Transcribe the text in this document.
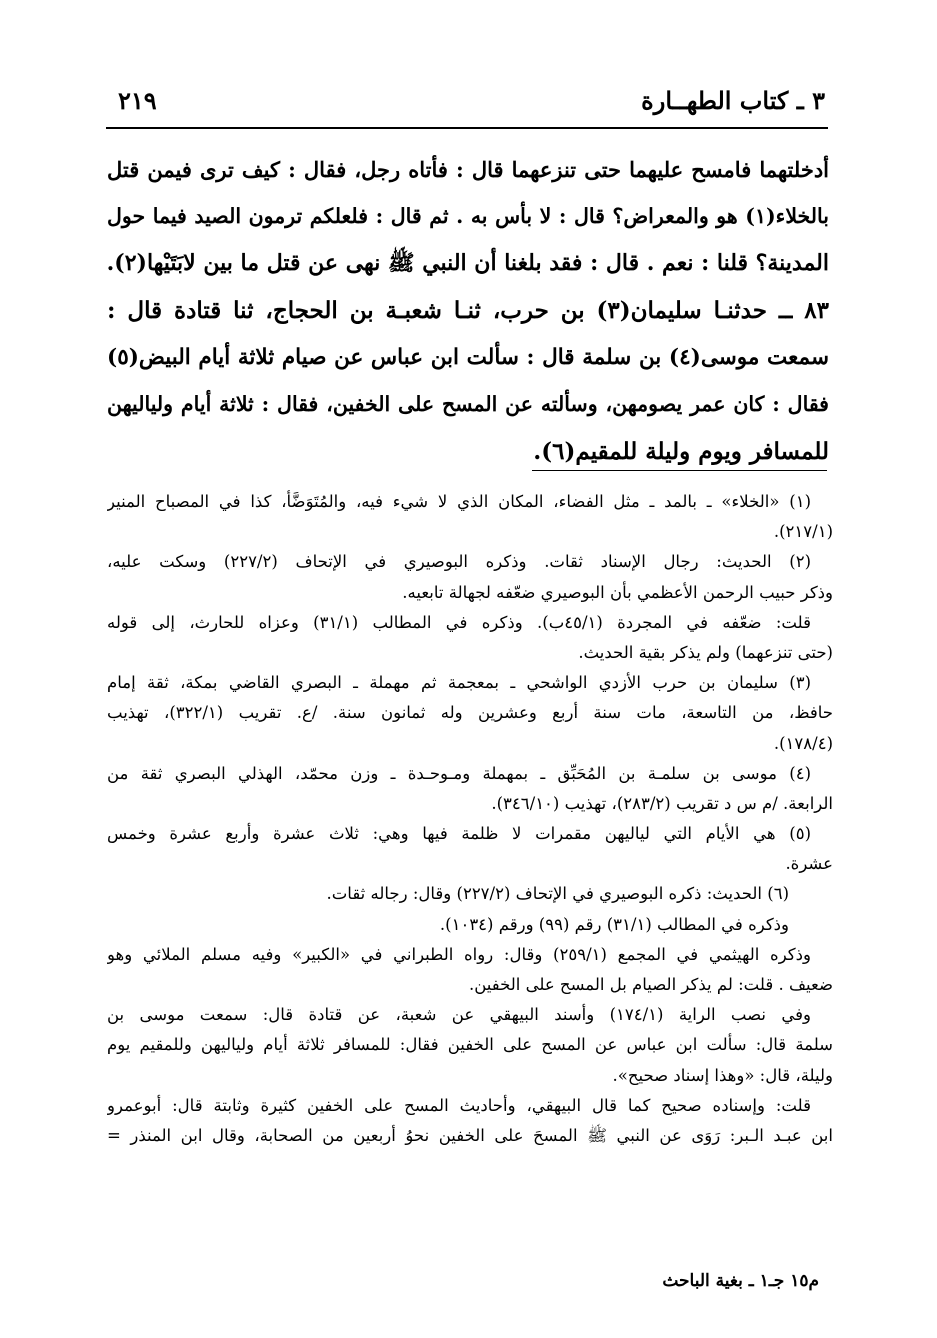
٣ ـ كتاب الطهــارة
٢١٩
أدخلتهما فامسح عليهما حتى تنزعهما قال : فأتاه رجل، فقال : كيف ترى فيمن قتل
بالخلاء(١) هو والمعراض؟ قال : لا بأس به . ثم قال : فلعلكم ترمون الصيد فيما حول
المدينة؟ قلنا : نعم . قال : فقد بلغنا أن النبي ﷺ نهى عن قتل ما بين لابَتَيْها(٢).
٨٣ ــ حدثنـا سليمان(٣) بن حرب، ثنـا شعبـة بن الحجاج، ثنا قتادة قال :
سمعت موسى(٤) بن سلمة قال : سألت ابن عباس عن صيام ثلاثة أيام البيض(٥)
فقال : كان عمر يصومهن، وسألته عن المسح على الخفين، فقال : ثلاثة أيام ولياليهن
للمسافر ويوم وليلة للمقيم(٦).
(١) «الخلاء» ـ بالمد ـ مثل الفضاء، المكان الذي لا شيء فيه، والمُتَوَضَّأ، كذا في المصباح المنير
(٢١٧/١).
(٢) الحديث: رجال الإسناد ثقات. وذكره البوصيري في الإتحاف (٢٢٧/٢) وسكت عليه،
وذكر حبيب الرحمن الأعظمي بأن البوصيري ضعّفه لجهالة تابعيه.
قلت: ضعّفه في المجردة (٤٥/١ب). وذكره في المطالب (٣١/١) وعزاه للحارث، إلى قوله
(حتى تنزعهما) ولم يذكر بقية الحديث.
(٣) سليمان بن حرب الأزدي الواشحي ـ بمعجمة ثم مهملة ـ البصري القاضي بمكة، ثقة إمام
حافظ، من التاسعة، مات سنة أربع وعشرين وله ثمانون سنة. /ع. تقريب (٣٢٢/١)، تهذيب
(١٧٨/٤).
(٤) موسى بن سلمـة بن المُحَبِّق ـ بمهملة ومـوحـدة ـ وزن محمّد، الهذلي البصري ثقة من
الرابعة. /م س د تقريب (٢٨٣/٢)، تهذيب (٣٤٦/١٠).
(٥) هي الأيام التي لياليهن مقمرات لا ظلمة فيها وهي: ثلاث عشرة وأربع عشرة وخمس
عشرة.
(٦) الحديث: ذكره البوصيري في الإتحاف (٢٢٧/٢) وقال: رجاله ثقات.
وذكره في المطالب (٣١/١) رقم (٩٩) ورقم (١٠٣٤).
وذكره الهيثمي في المجمع (٢٥٩/١) وقال: رواه الطبراني في «الكبير» وفيه مسلم الملائي وهو
ضعيف . قلت: لم يذكر الصيام بل المسح على الخفين.
وفي نصب الراية (١٧٤/١) وأسند البيهقي عن شعبة، عن قتادة قال: سمعت موسى بن
سلمة قال: سألت ابن عباس عن المسح على الخفين فقال: للمسافر ثلاثة أيام ولياليهن وللمقيم يوم
وليلة، قال: «وهذا إسناد صحيح».
قلت: وإسناده صحيح كما قال البيهقي، وأحاديث المسح على الخفين كثيرة وثابتة قال: أبوعمرو
ابن عبـد الـبر: رَوَى عن النبي ﷺ المسحَ على الخفين نحوُ أربعين من الصحابة، وقال ابن المنذر =
م١٥ جـ١ ـ بغية الباحث
